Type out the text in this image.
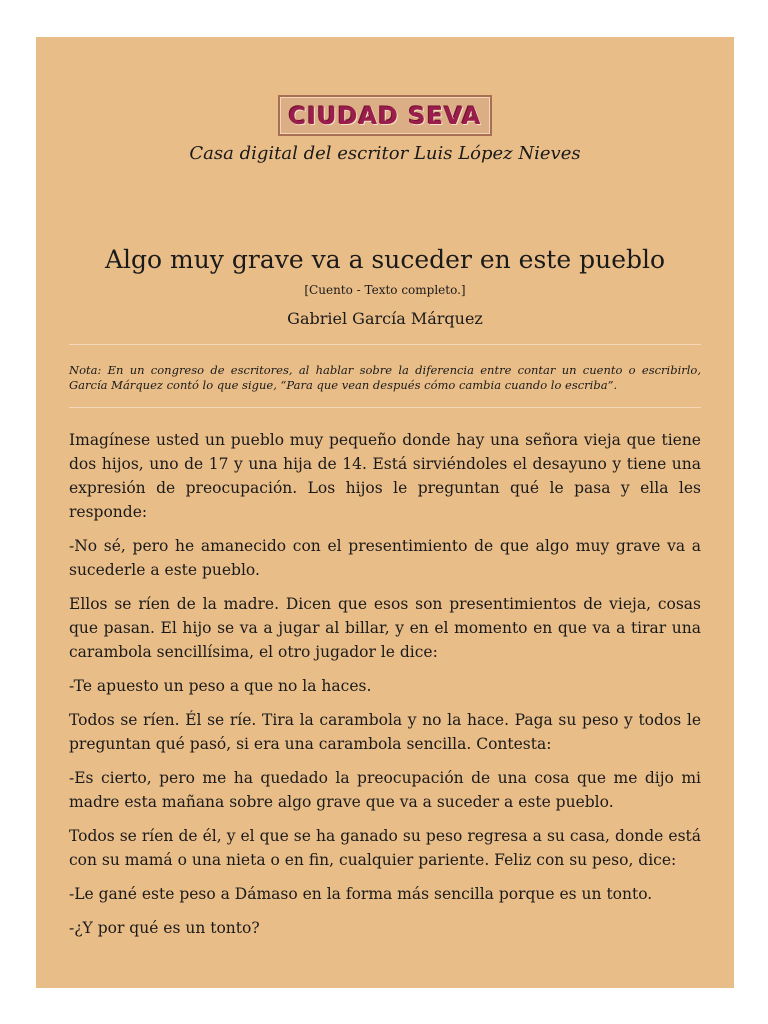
CIUDAD SEVA
Casa digital del escritor Luis López Nieves
Algo muy grave va a suceder en este pueblo
[Cuento - Texto completo.]
Gabriel García Márquez

Nota: En un congreso de escritores, al hablar sobre la diferencia entre contar un cuento o escribirlo, García Márquez contó lo que sigue, “Para que vean después cómo cambia cuando lo escriba”.

Imagínese usted un pueblo muy pequeño donde hay una señora vieja que tiene dos hijos, uno de 17 y una hija de 14. Está sirviéndoles el desayuno y tiene una expresión de preocupación. Los hijos le preguntan qué le pasa y ella les responde:

-No sé, pero he amanecido con el presentimiento de que algo muy grave va a sucederle a este pueblo.

Ellos se ríen de la madre. Dicen que esos son presentimientos de vieja, cosas que pasan. El hijo se va a jugar al billar, y en el momento en que va a tirar una carambola sencillísima, el otro jugador le dice:

-Te apuesto un peso a que no la haces.

Todos se ríen. Él se ríe. Tira la carambola y no la hace. Paga su peso y todos le preguntan qué pasó, si era una carambola sencilla. Contesta:

-Es cierto, pero me ha quedado la preocupación de una cosa que me dijo mi madre esta mañana sobre algo grave que va a suceder a este pueblo.

Todos se ríen de él, y el que se ha ganado su peso regresa a su casa, donde está con su mamá o una nieta o en fin, cualquier pariente. Feliz con su peso, dice:

-Le gané este peso a Dámaso en la forma más sencilla porque es un tonto.

-¿Y por qué es un tonto?
